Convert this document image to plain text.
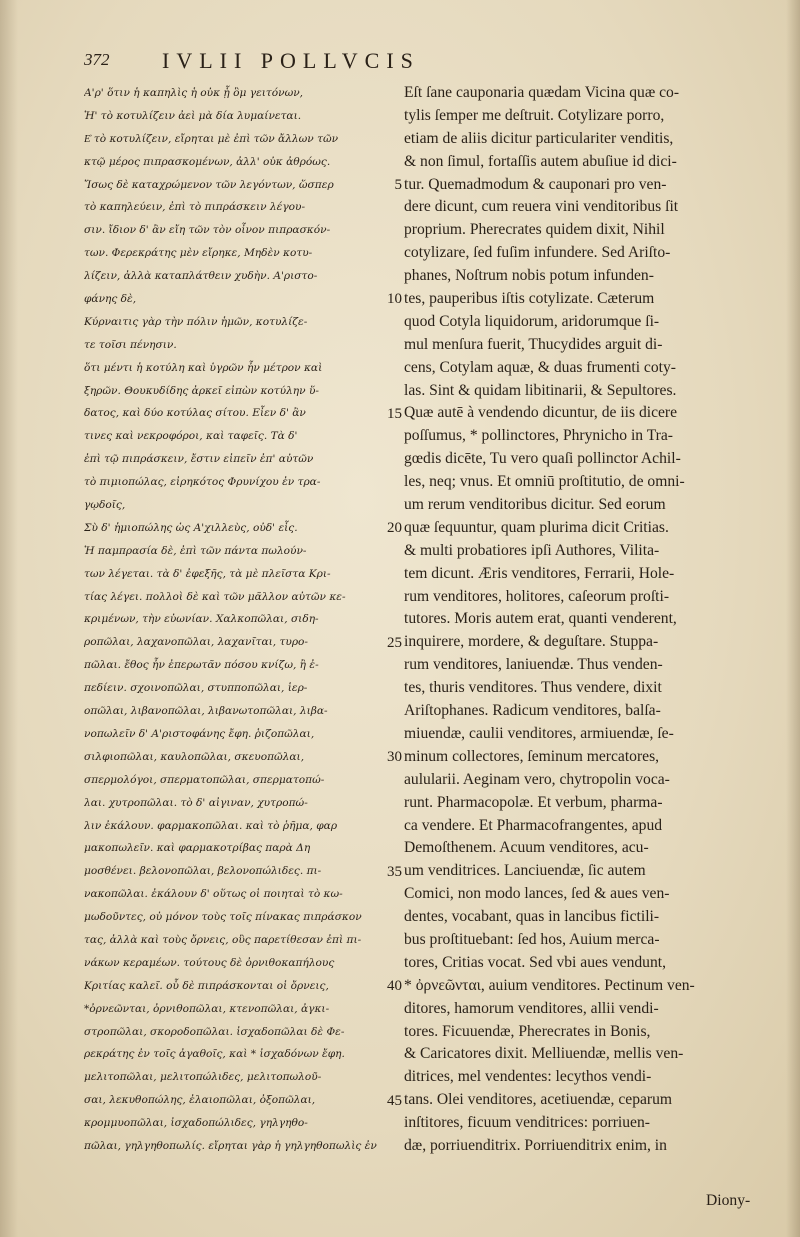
372 IVLII POLLVCIS
Α'ρ' ὅτιν ἡ καπηλὶς ἡ οὐκ ᾗ ὃμ γειτόνων,
Ἡ' τὸ κοτυλίζειν ἀεὶ μὰ δία λυμαίνεται.
Ε͗ τὸ κοτυλίζειν, εἴρηται μὲ ἐπὶ τῶν ἄλλων τῶν
κτῷ μέρος πιπρασκομένων, ἀλλ' οὐκ ἀθρόως.
Ἴσως δὲ καταχρώμενον τῶν λεγόντων, ὥσπερ
τὸ καπηλεύειν, ἐπὶ τὸ πιπράσκειν λέγου-
σιν. ἴδιον δ' ἂν εἴη τῶν τὸν οἶνον πιπρασκόν-
των. Φερεκράτης μὲν εἴρηκε, Μηδὲν κοτυ-
λίζειν, ἀλλὰ καταπλάτθειν χυδὴν. Α'ριστο-
φάνης δὲ,
Κύρναιτις γὰρ τὴν πόλιν ἡμῶν, κοτυλίζε-
τε τοῖσι πένησιν.
ὅτι μέντι ἡ κοτύλη καὶ ὑγρῶν ἦν μέτρον καὶ
ξηρῶν. Θουκυδίδης ἀρκεῖ εἰπὼν κοτύλην ὕ-
δατος, καὶ δύο κοτύλας σίτου. Εἶεν δ' ἂν
τινες καὶ νεκροφόροι, καὶ ταφεῖς. Τὰ δ'
ἐπὶ τῷ πιπράσκειν, ἔστιν εἰπεῖν ἐπ' αὐτῶν
τὸ πιμιοπώλας, εἰρηκότος Φρυνίχου ἐν τρα-
γῳδοῖς,
Σὺ δ' ἡμιοπώλης ὡς Α'χιλλεὺς, οὐδ' εἷς.
Ἡ παμπρασία δὲ, ἐπὶ τῶν πάντα πωλούν-
των λέγεται. τὰ δ' ἐφεξῆς, τὰ μὲ πλεῖστα Κρι-
τίας λέγει. πολλοὶ δὲ καὶ τῶν μᾶλλον αὐτῶν κε-
κριμένων, τὴν εὐωνίαν. Χαλκοπῶλαι, σιδη-
ροπῶλαι, λαχανοπῶλαι, λαχανῖται, τυρο-
πῶλαι. ἔθος ἦν ἐπερωτᾶν πόσου κνίζω, ἢ ἐ-
πεδίειν. σχοινοπῶλαι, στυπποπῶλαι, ἱερ-
οπῶλαι, λιβανοπῶλαι, λιβανωτοπῶλαι, λιβα-
νοπωλεῖν δ' Α'ριστοφάνης ἔφη. ῥιζοπῶλαι,
σιλφιοπῶλαι, καυλοπῶλαι, σκευοπῶλαι,
σπερμολόγοι, σπερματοπῶλαι, σπερματοπώ-
λαι. χυτροπῶλαι. τὸ δ' αἰγιναν, χυτροπώ-
λιν ἐκάλουν. φαρμακοπῶλαι. καὶ τὸ ῥῆμα, φαρ
μακοπωλεῖν. καὶ φαρμακοτρίβας παρὰ Δη
μοσθένει. βελονοπῶλαι, βελονοπώλιδες. πι-
νακοπῶλαι. ἐκάλουν δ' οὕτως οἱ ποιηταὶ τὸ κω-
μωδοῦντες, οὐ μόνον τοὺς τοῖς πίνακας πιπράσκον
τας, ἀλλὰ καὶ τοὺς ὄρνεις, οὓς παρετίθεσαν ἐπὶ πι-
νάκων κεραμέων. τούτους δὲ ὀρνιθοκαπήλους
Κριτίας καλεῖ. οὗ δὲ πιπράσκονται οἱ ὄρνεις,
*ὀρνεῶνται, ὀρνιθοπῶλαι, κτενοπῶλαι, ἀγκι-
στροπῶλαι, σκοροδοπῶλαι. ἰσχαδοπῶλαι δὲ Φε-
ρεκράτης ἐν τοῖς ἀγαθοῖς, καὶ * ἰσχαδόνων ἔφη.
μελιτοπῶλαι, μελιτοπώλιδες, μελιτοπωλοῦ-
σαι, λεκυθοπώλης, ἐλαιοπῶλαι, ὀξοπῶλαι,
κρομμυοπῶλαι, ἰσχαδοπώλιδες, γηλγηθο-
πῶλαι, γηλγηθοπωλίς. εἴρηται γὰρ ἡ γηλγηθοπωλὶς ἐν
5
10
15
20
25
30
35
40
45
Eſt ſane cauponaria quædam Vicina quæ co-
tylis ſemper me deſtruit. Cotylizare porro,
etiam de aliis dicitur particulariter venditis,
& non ſimul, fortaſſis autem abuſiue id dici-
tur. Quemadmodum & cauponari pro ven-
dere dicunt, cum reuera vini venditoribus ſit
proprium. Pherecrates quidem dixit, Nihil
cotylizare, ſed fuſim infundere. Sed Ariſto-
phanes, Noſtrum nobis potum infunden-
tes, pauperibus iſtis cotylizate. Cæterum
quod Cotyla liquidorum, aridorumque ſi-
mul menſura fuerit, Thucydides arguit di-
cens, Cotylam aquæ, & duas frumenti coty-
las. Sint & quidam libitinarii, & Sepultores.
Quæ autē à vendendo dicuntur, de iis dicere
poſſumus, * pollinctores, Phrynicho in Tra-
gœdis dicēte, Tu vero quaſi pollinctor Achil-
les, neq; vnus. Et omniū proſtitutio, de omni-
um rerum venditoribus dicitur. Sed eorum
quæ ſequuntur, quam plurima dicit Critias.
& multi probatiores ipſi Authores, Vilita-
tem dicunt. Æris venditores, Ferrarii, Hole-
rum venditores, holitores, caſeorum proſti-
tutores. Moris autem erat, quanti venderent,
inquirere, mordere, & deguſtare. Stuppa-
rum venditores, laniuendæ. Thus venden-
tes, thuris venditores. Thus vendere, dixit
Ariſtophanes. Radicum venditores, balſa-
miuendæ, caulii venditores, armiuendæ, ſe-
minum collectores, ſeminum mercatores,
aulularii. Aeginam vero, chytropolin voca-
runt. Pharmacopolæ. Et verbum, pharma-
ca vendere. Et Pharmacofrangentes, apud
Demoſthenem. Acuum venditores, acu-
um venditrices. Lanciuendæ, ſic autem
Comici, non modo lances, ſed & aues ven-
dentes, vocabant, quas in lancibus fictili-
bus proſtituebant: ſed hos, Auium merca-
tores, Critias vocat. Sed vbi aues vendunt,
* ὀρνεῶνται, auium venditores. Pectinum ven-
ditores, hamorum venditores, allii vendi-
tores. Ficuuendæ, Pherecrates in Bonis,
& Caricatores dixit. Melliuendæ, mellis ven-
ditrices, mel vendentes: lecythos vendi-
tans. Olei venditores, acetiuendæ, ceparum
inſtitores, ficuum venditrices: porriuen-
dæ, porriuenditrix. Porriuenditrix enim, in
Diony-
